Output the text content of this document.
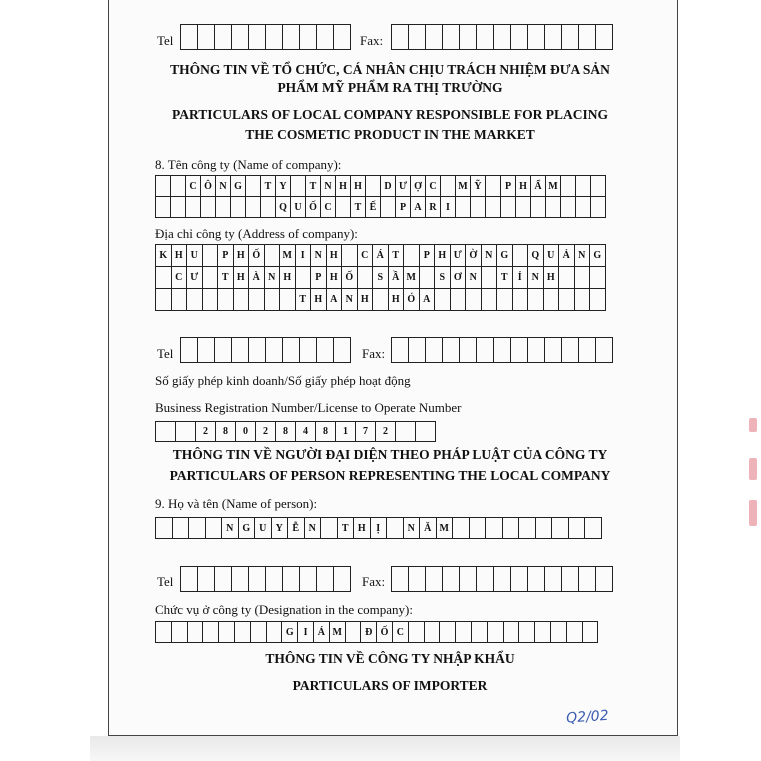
Tel	Fax:
THÔNG TIN VỀ TỔ CHỨC, CÁ NHÂN CHỊU TRÁCH NHIỆM ĐƯA SẢN
PHẨM MỸ PHẨM RA THỊ TRƯỜNG
PARTICULARS OF LOCAL COMPANY RESPONSIBLE FOR PLACING
THE COSMETIC PRODUCT IN THE MARKET
8. Tên công ty (Name of company):
C Ô N G	T Y	T N H H	D Ư Ợ C	M Ỹ	P H Ẩ M
Q U Ố C	T Ế	P A R I
Địa chỉ công ty (Address of company):
K H U	P H Ố	M I N H	C Á T	P H Ư Ờ N G	Q U Ả N G
C Ư	T H À N H	P H Ố	S Ầ M	S Ơ N	T	Ỉ N H
T H A N H	H Ó A
Tel	Fax:
Số giấy phép kinh doanh/Số giấy phép hoạt động
Business Registration Number/License to Operate Number
2	8	0	2	8	4	8	1	7	2
THÔNG TIN VỀ NGƯỜI ĐẠI DIỆN THEO PHÁP LUẬT CỦA CÔNG TY
PARTICULARS OF PERSON REPRESENTING THE LOCAL COMPANY
9. Họ và tên (Name of person):
N G U Y Ễ N	T H	Ị	N Ă M
Tel	Fax:
Chức vụ ở công ty (Designation in the company):
G I	Á M	Đ Ố C
THÔNG TIN VỀ CÔNG TY NHẬP KHẨU
PARTICULARS OF IMPORTER
Q2/02
